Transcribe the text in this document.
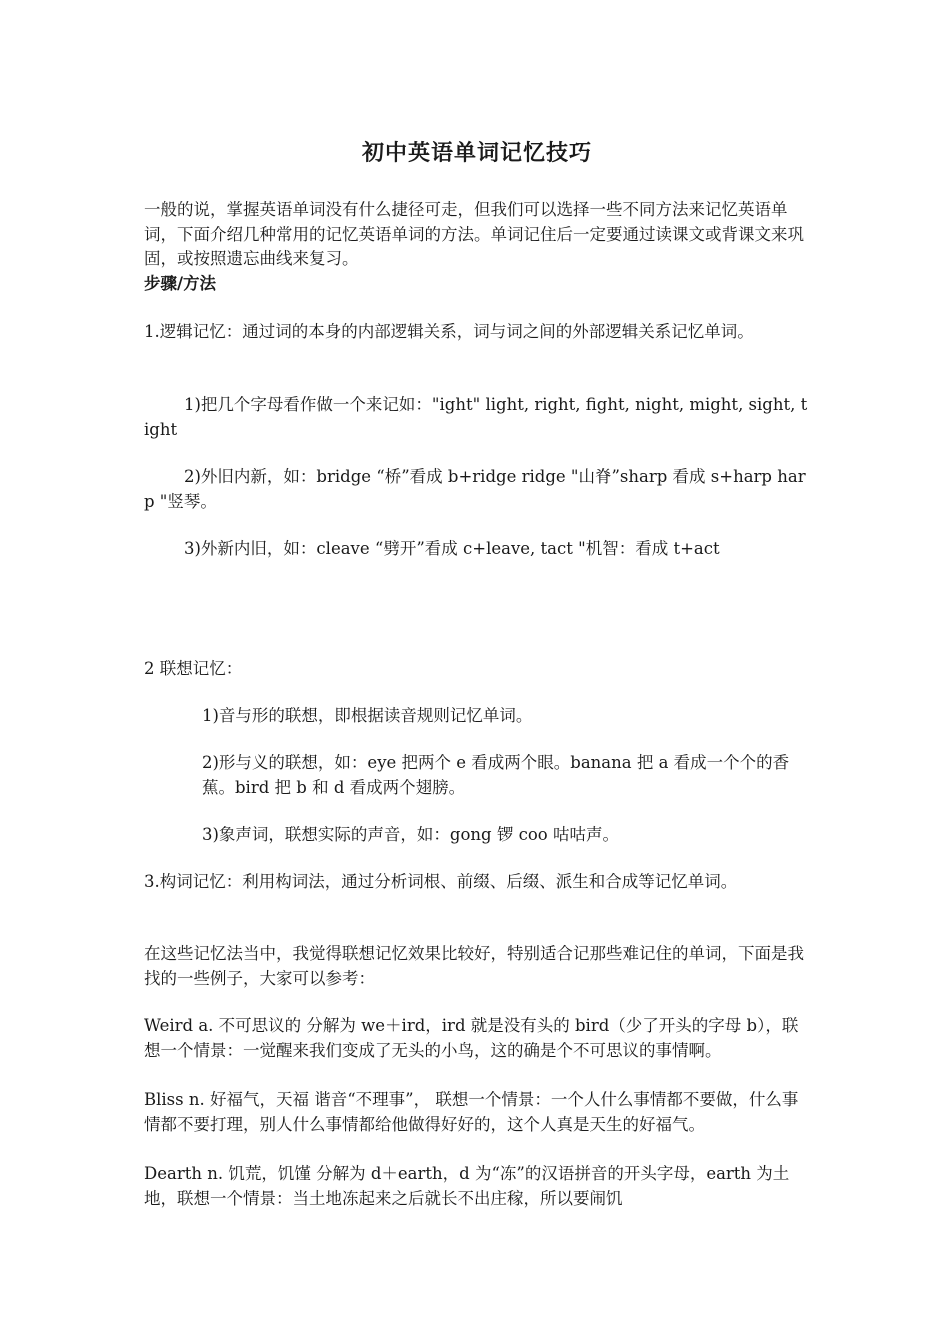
初中英语单词记忆技巧
一般的说，掌握英语单词没有什么捷径可走，但我们可以选择一些不同方法来记忆英语单词，下面介绍几种常用的记忆英语单词的方法。单词记住后一定要通过读课文或背课文来巩固，或按照遗忘曲线来复习。
步骤/方法
1.逻辑记忆：通过词的本身的内部逻辑关系，词与词之间的外部逻辑关系记忆单词。
1)把几个字母看作做一个来记如："ight" light, right, fight, night, might, sight, tight
2)外旧内新，如：bridge “桥”看成 b+ridge ridge "山脊”sharp 看成 s+harp harp "竖琴。
3)外新内旧，如：cleave “劈开”看成 c+leave, tact "机智：看成 t+act
2 联想记忆：
1)音与形的联想，即根据读音规则记忆单词。
2)形与义的联想，如：eye 把两个 e 看成两个眼。banana 把 a 看成一个个的香蕉。bird 把 b 和 d 看成两个翅膀。
3)象声词，联想实际的声音，如：gong 锣 coo 咕咕声。
3.构词记忆：利用构词法，通过分析词根、前缀、后缀、派生和合成等记忆单词。
在这些记忆法当中，我觉得联想记忆效果比较好，特别适合记那些难记住的单词，下面是我找的一些例子，大家可以参考：
Weird a. 不可思议的 分解为 we＋ird，ird 就是没有头的 bird（少了开头的字母 b），联想一个情景：一觉醒来我们变成了无头的小鸟，这的确是个不可思议的事情啊。
Bliss n. 好福气，天福 谐音“不理事”， 联想一个情景：一个人什么事情都不要做，什么事情都不要打理，别人什么事情都给他做得好好的，这个人真是天生的好福气。
Dearth n. 饥荒，饥馑 分解为 d＋earth，d 为“冻”的汉语拼音的开头字母，earth 为土地，联想一个情景：当土地冻起来之后就长不出庄稼，所以要闹饥
